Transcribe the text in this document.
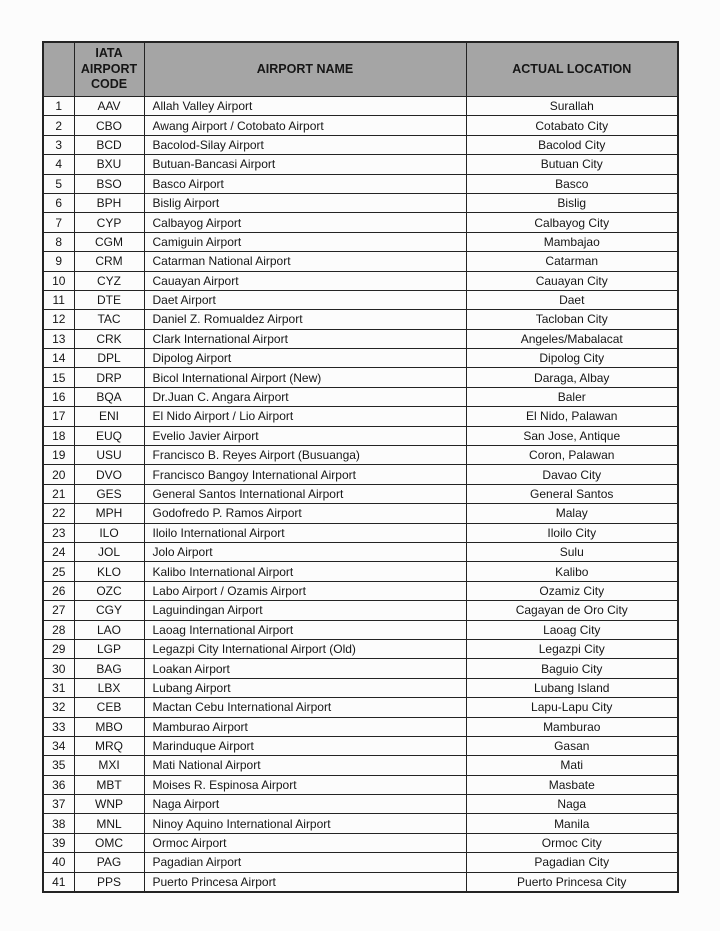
	IATA AIRPORT CODE	AIRPORT NAME	ACTUAL LOCATION
1	AAV	Allah Valley Airport	Surallah
2	CBO	Awang Airport / Cotobato Airport	Cotabato City
3	BCD	Bacolod-Silay Airport	Bacolod City
4	BXU	Butuan-Bancasi Airport	Butuan City
5	BSO	Basco Airport	Basco
6	BPH	Bislig Airport	Bislig
7	CYP	Calbayog Airport	Calbayog City
8	CGM	Camiguin Airport	Mambajao
9	CRM	Catarman National Airport	Catarman
10	CYZ	Cauayan Airport	Cauayan City
11	DTE	Daet Airport	Daet
12	TAC	Daniel Z. Romualdez Airport	Tacloban City
13	CRK	Clark International Airport	Angeles/Mabalacat
14	DPL	Dipolog Airport	Dipolog City
15	DRP	Bicol International Airport (New)	Daraga, Albay
16	BQA	Dr.Juan C. Angara Airport	Baler
17	ENI	El Nido Airport / Lio Airport	El Nido, Palawan
18	EUQ	Evelio Javier Airport	San Jose, Antique
19	USU	Francisco B. Reyes Airport (Busuanga)	Coron, Palawan
20	DVO	Francisco Bangoy International Airport	Davao City
21	GES	General Santos International Airport	General Santos
22	MPH	Godofredo P. Ramos Airport	Malay
23	ILO	Iloilo International Airport	Iloilo City
24	JOL	Jolo Airport	Sulu
25	KLO	Kalibo International Airport	Kalibo
26	OZC	Labo Airport / Ozamis Airport	Ozamiz City
27	CGY	Laguindingan Airport	Cagayan de Oro City
28	LAO	Laoag International Airport	Laoag City
29	LGP	Legazpi City International Airport (Old)	Legazpi City
30	BAG	Loakan Airport	Baguio City
31	LBX	Lubang Airport	Lubang Island
32	CEB	Mactan Cebu International Airport	Lapu-Lapu City
33	MBO	Mamburao Airport	Mamburao
34	MRQ	Marinduque Airport	Gasan
35	MXI	Mati National Airport	Mati
36	MBT	Moises R. Espinosa Airport	Masbate
37	WNP	Naga Airport	Naga
38	MNL	Ninoy Aquino International Airport	Manila
39	OMC	Ormoc Airport	Ormoc City
40	PAG	Pagadian Airport	Pagadian City
41	PPS	Puerto Princesa Airport	Puerto Princesa City
